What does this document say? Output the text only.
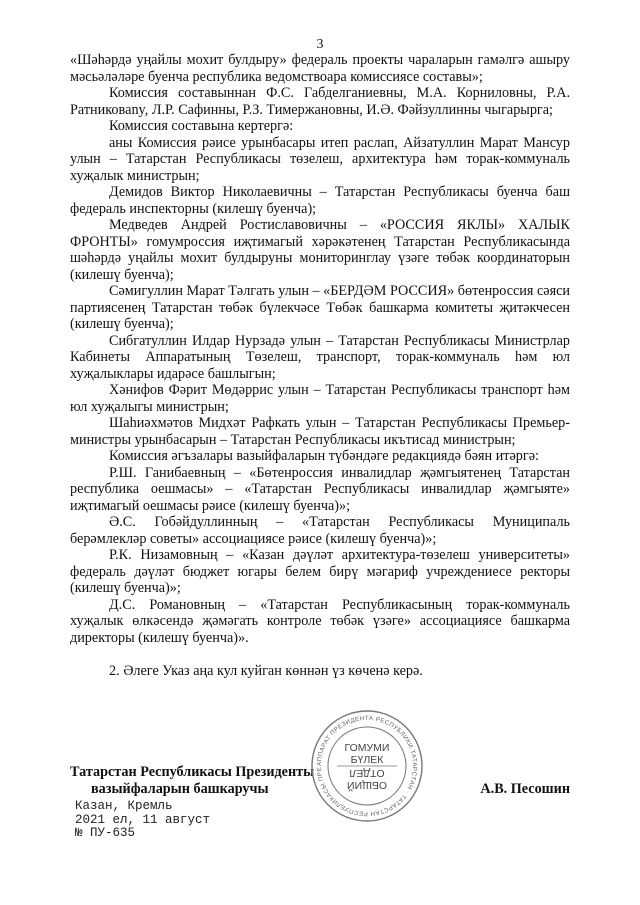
3

«Шәһәрдә уңайлы мохит булдыру» федераль проекты чараларын гамәлгә ашыру мәсьәләләре буенча республика ведомствоара комиссиясе составы»;

Комиссия составыннан Ф.С. Габделганиевны, М.А. Корниловны, Р.А. Ратниковany, Л.Р. Сафинны, Р.З. Тимержановны, И.Ә. Фәйзуллинны чыгарырга;

Комиссия составына кертергә:

аны Комиссия рәисе урынбасары итеп раслап, Айзатуллин Марат Мансур улын – Татарстан Республикасы төзелеш, архитектура һәм торак-коммуналь хуҗалык министрын;

Демидов Виктор Николаевичны – Татарстан Республикасы буенча баш федераль инспекторны (килешү буенча);

Медведев Андрей Ростиславовичны – «РОССИЯ ЯКЛЫ» ХАЛЫК ФРОНТЫ» гомумроссия иҗтимагый хәрәкәтенең Татарстан Республикасында шәһәрдә уңайлы мохит булдыруны мониторинглау үзәге төбәк координаторын (килешү буенча);

Сәмигуллин Марат Тәлгать улын – «БЕРДӘМ РОССИЯ» бөтенроссия сәяси партиясенең Татарстан төбәк бүлекчәсе Төбәк башкарма комитеты җитәкчесен (килешү буенча);

Сибгатуллин Илдар Нурзадә улын – Татарстан Республикасы Министрлар Кабинеты Аппаратының Төзелеш, транспорт, торак-коммуналь һәм юл хуҗалыклары идарәсе башлыгын;

Хәнифов Фәрит Мөдәррис улын – Татарстан Республикасы транспорт һәм юл хуҗалыгы министрын;

Шаһиәхмәтов Мидхәт Рафкать улын – Татарстан Республикасы Премьер-министры урынбасарын – Татарстан Республикасы икътисад министрын;

Комиссия әгъзалары вазыйфаларын түбәндәге редакциядә бәян итәргә:

Р.Ш. Ганибаевның – «Бөтенроссия инвалидлар җәмгыятенең Татарстан республика оешмасы» – «Татарстан Республикасы инвалидлар җәмгыяте» иҗтимагый оешмасы рәисе (килешү буенча)»;

Ә.С. Гобәйдуллинның – «Татарстан Республикасы Муниципаль берәмлекләр советы» ассоциациясе рәисе (килешү буенча)»;

Р.К. Низамовның – «Казан дәүләт архитектура-төзелеш университеты» федераль дәүләт бюджет югары белем бирү мәгариф учреждениесе ректоры (килешү буенча)»;

Д.С. Романовның – «Татарстан Республикасының торак-коммуналь хуҗалык өлкәсендә җәмәгать контроле төбәк үзәге» ассоциациясе башкарма директоры (килешү буенча)».

2. Әлеге Указ аңа кул куйган көннән үз көченә керә.

Татарстан Республикасы Президенты
вазыйфаларын башкаручы	А.В. Песошин
АППАРАТ ПРЕЗИДЕНТА РЕСПУБЛИКИ ТАТАРСТАН · ТАТАРСТАН РЕСПУБЛИКАСЫ ПРЕ
ГОМУМИ
БҮЛЕК
ОТДЕЛ
ОБЩИЙ
Казан, Кремль
2021 ел, 11 август
№ ПУ-635
